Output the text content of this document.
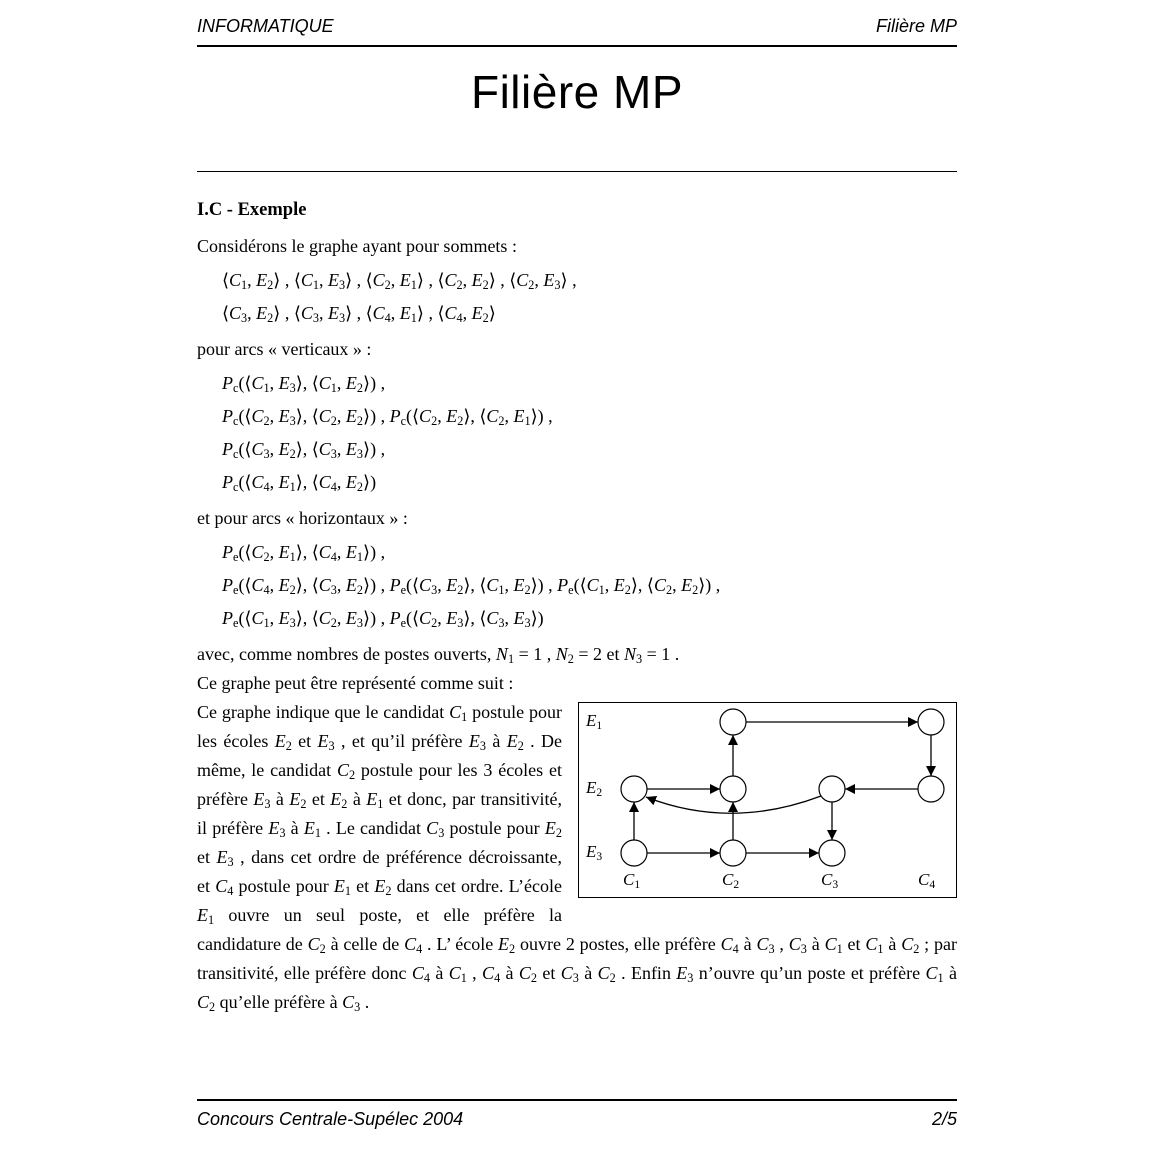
INFORMATIQUE	Filière MP
Filière MP
I.C - Exemple

Considérons le graphe ayant pour sommets :

$⟨C_1$, $E_2⟩$ , $⟨C_1$, $E_3⟩$ , $⟨C_2$, $E_1⟩$ , $⟨C_2$, $E_2⟩$ , $⟨C_2$, $E_3⟩$ ,
$⟨C_3$, $E_2⟩$ , $⟨C_3$, $E_3⟩$ , $⟨C_4$, $E_1⟩$ , $⟨C_4$, $E_2⟩$

pour arcs « verticaux » :

$P_c(⟨C_1$, $E_3⟩$, $⟨C_1$, $E_2⟩$) ,
$P_c(⟨C_2$, $E_3⟩$, $⟨C_2$, $E_2⟩$) , $P_c(⟨C_2$, $E_2⟩$, $⟨C_2$, $E_1⟩$) ,
$P_c(⟨C_3$, $E_2⟩$, $⟨C_3$, $E_3⟩$) ,
$P_c(⟨C_4$, $E_1⟩$, $⟨C_4$, $E_2⟩$)

et pour arcs « horizontaux » :

$P_e(⟨C_2$, $E_1⟩$, $⟨C_4$, $E_1⟩$) ,
$P_e(⟨C_4$, $E_2⟩$, $⟨C_3$, $E_2⟩$) , $P_e(⟨C_3$, $E_2⟩$, $⟨C_1$, $E_2⟩$) , $P_e(⟨C_1$, $E_2⟩$, $⟨C_2$, $E_2⟩$) ,
$P_e(⟨C_1$, $E_3⟩$, $⟨C_2$, $E_3⟩$) , $P_e(⟨C_2$, $E_3⟩$, $⟨C_3$, $E_3⟩$)

avec, comme nombres de postes ouverts, $N_1 = 1$ , $N_2 = 2$ et $N_3 = 1$ .

Ce graphe peut être représenté comme suit :

$E_1$
$E_2$
$E_3$
$C_1$	$C_2$	$C_3$	$C_4$

Ce graphe indique que le candidat $C_1$ postule pour les écoles $E_2$ et $E_3$ , et qu’il préfère $E_3$ à $E_2$ . De même, le candidat $C_2$ postule pour les 3 écoles et préfère $E_3$ à $E_2$ et $E_2$ à $E_1$ et donc, par transitivité, il préfère $E_3$ à $E_1$ . Le candidat $C_3$ postule pour $E_2$ et $E_3$ , dans cet ordre de préférence décroissante, et $C_4$ postule pour $E_1$ et $E_2$ dans cet ordre. L’école $E_1$ ouvre un seul poste, et elle préfère la candidature de $C_2$ à celle de $C_4$ . L’ école $E_2$ ouvre 2 postes, elle préfère $C_4$ à $C_3$ , $C_3$ à $C_1$ et $C_1$ à $C_2$ ; par transitivité, elle préfère donc $C_4$ à $C_1$ , $C_4$ à $C_2$ et $C_3$ à $C_2$ . Enfin $E_3$ n’ouvre qu’un poste et préfère $C_1$ à $C_2$ qu’elle préfère à $C_3$ .

Concours Centrale-Supélec 2004	2/5
